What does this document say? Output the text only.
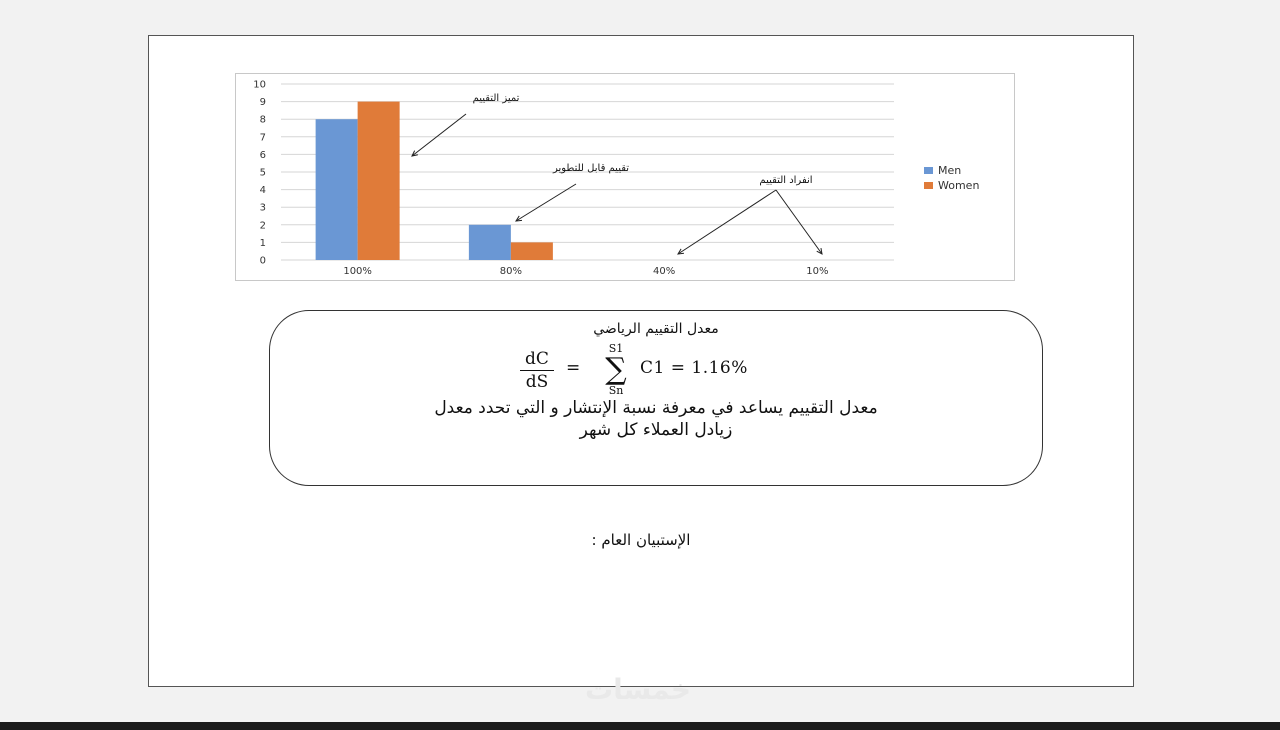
0
1
2
3
4
5
6
7
8
9
10
100%	80%	40%	10%
تميز التقييم
تقييم قابل للتطوير
انفراد التقييم
Men
Women
معدل التقييم الرياضي
dC
dS
=
S1
∑
Sn
C1 = 1.16%
معدل التقييم يساعد في معرفة نسبة الإنتشار و التي تحدد معدل
زيادل العملاء كل شهر
الإستبيان العام :
خمسات
